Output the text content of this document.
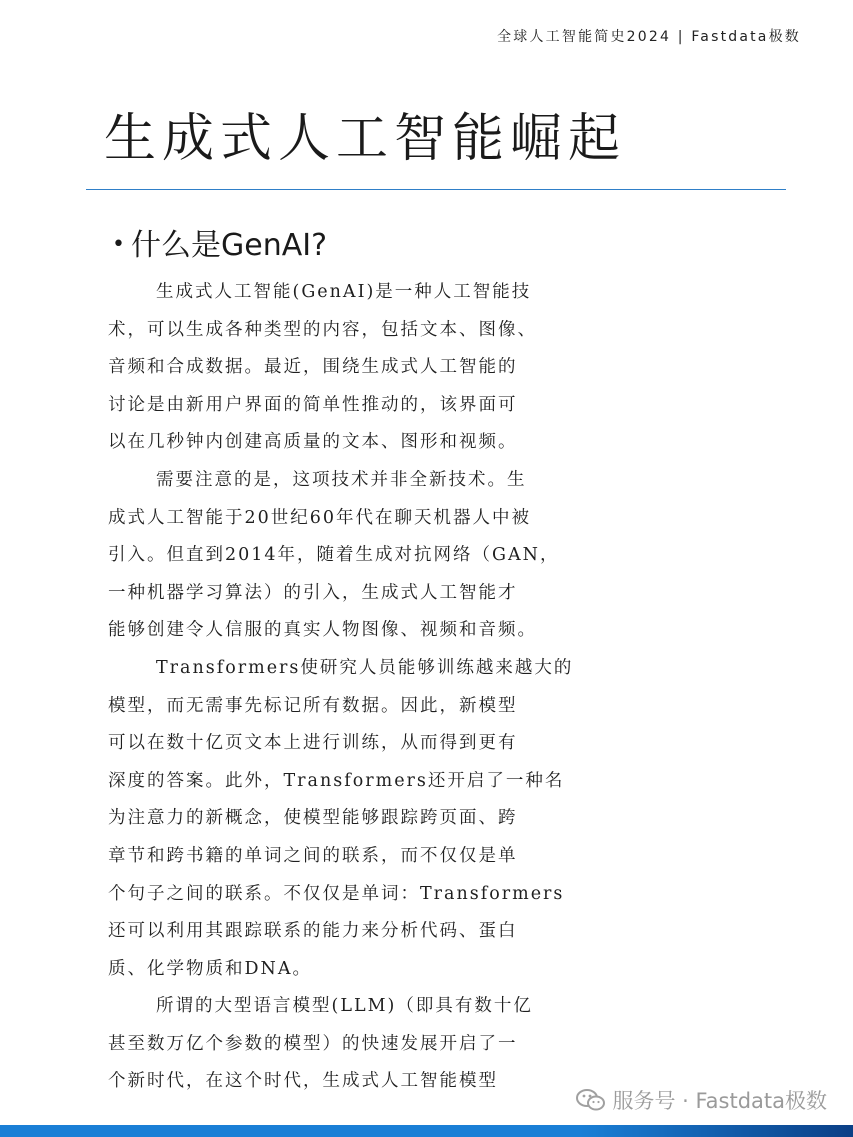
全球人工智能简史2024 | Fastdata极数
生成式人工智能崛起
• 什么是GenAI?
生成式人工智能(GenAI)是一种人工智能技
术，可以生成各种类型的内容，包括文本、图像、
音频和合成数据。最近，围绕生成式人工智能的
讨论是由新用户界面的简单性推动的，该界面可
以在几秒钟内创建高质量的文本、图形和视频。
需要注意的是，这项技术并非全新技术。生
成式人工智能于20世纪60年代在聊天机器人中被
引入。但直到2014年，随着生成对抗网络（GAN，
一种机器学习算法）的引入，生成式人工智能才
能够创建令人信服的真实人物图像、视频和音频。
Transformers使研究人员能够训练越来越大的
模型，而无需事先标记所有数据。因此，新模型
可以在数十亿页文本上进行训练，从而得到更有
深度的答案。此外，Transformers还开启了一种名
为注意力的新概念，使模型能够跟踪跨页面、跨
章节和跨书籍的单词之间的联系，而不仅仅是单
个句子之间的联系。不仅仅是单词：Transformers
还可以利用其跟踪联系的能力来分析代码、蛋白
质、化学物质和DNA。
所谓的大型语言模型(LLM)（即具有数十亿
甚至数万亿个参数的模型）的快速发展开启了一
个新时代，在这个时代，生成式人工智能模型
服务号 · Fastdata极数
